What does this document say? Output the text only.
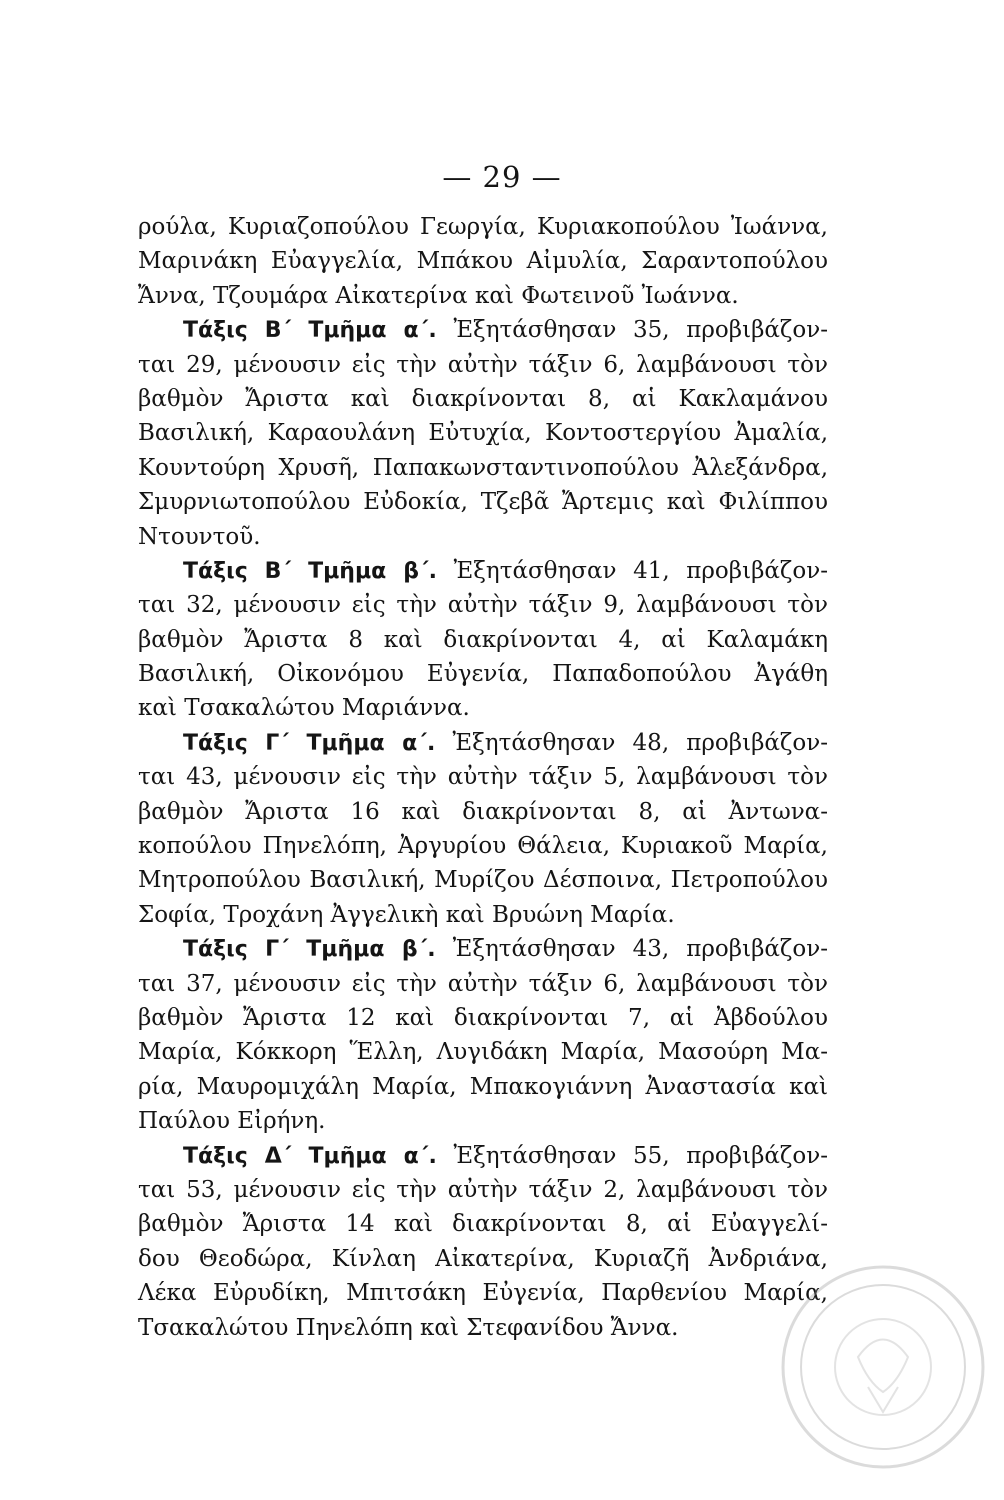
— 29 —
ρούλα, Κυριαζοπούλου Γεωργία, Κυριακοπούλου Ἰωάννα,
Μαρινάκη Εὐαγγελία, Μπάκου Αἰμυλία, Σαραντοπούλου
Ἄννα, Τζουμάρα Αἰκατερίνα καὶ Φωτεινοῦ Ἰωάννα.
Τάξις Β΄ Τμῆμα α΄. Ἐξητάσθησαν 35, προβιβάζον-
ται 29, μένουσιν εἰς τὴν αὐτὴν τάξιν 6, λαμβάνουσι τὸν
βαθμὸν Ἄριστα καὶ διακρίνονται 8, αἱ Κακλαμάνου
Βασιλική, Καραουλάνη Εὐτυχία, Κοντοστεργίου Ἀμαλία,
Κουντούρη Χρυσῆ, Παπακωνσταντινοπούλου Ἀλεξάνδρα,
Σμυρνιωτοπούλου Εὐδοκία, Τζεβᾶ Ἄρτεμις καὶ Φιλίππου
Ντουντοῦ.
Τάξις Β΄ Τμῆμα β΄. Ἐξητάσθησαν 41, προβιβάζον-
ται 32, μένουσιν εἰς τὴν αὐτὴν τάξιν 9, λαμβάνουσι τὸν
βαθμὸν Ἄριστα 8 καὶ διακρίνονται 4, αἱ Καλαμάκη
Βασιλική, Οἰκονόμου Εὐγενία, Παπαδοπούλου Ἀγάθη
καὶ Τσακαλώτου Μαριάννα.
Τάξις Γ΄ Τμῆμα α΄. Ἐξητάσθησαν 48, προβιβάζον-
ται 43, μένουσιν εἰς τὴν αὐτὴν τάξιν 5, λαμβάνουσι τὸν
βαθμὸν Ἄριστα 16 καὶ διακρίνονται 8, αἱ Ἀντωνα-
κοπούλου Πηνελόπη, Ἀργυρίου Θάλεια, Κυριακοῦ Μαρία,
Μητροπούλου Βασιλική, Μυρίζου Δέσποινα, Πετροπούλου
Σοφία, Τροχάνη Ἀγγελικὴ καὶ Βρυώνη Μαρία.
Τάξις Γ΄ Τμῆμα β΄. Ἐξητάσθησαν 43, προβιβάζον-
ται 37, μένουσιν εἰς τὴν αὐτὴν τάξιν 6, λαμβάνουσι τὸν
βαθμὸν Ἄριστα 12 καὶ διακρίνονται 7, αἱ Ἀβδούλου
Μαρία, Κόκκορη Ἕλλη, Λυγιδάκη Μαρία, Μασούρη Μα-
ρία, Μαυρομιχάλη Μαρία, Μπακογιάννη Ἀναστασία καὶ
Παύλου Εἰρήνη.
Τάξις Δ΄ Τμῆμα α΄. Ἐξητάσθησαν 55, προβιβάζον-
ται 53, μένουσιν εἰς τὴν αὐτὴν τάξιν 2, λαμβάνουσι τὸν
βαθμὸν Ἄριστα 14 καὶ διακρίνονται 8, αἱ Εὐαγγελί-
δου Θεοδώρα, Κίνλαη Αἰκατερίνα, Κυριαζῆ Ἀνδριάνα,
Λέκα Εὐρυδίκη, Μπιτσάκη Εὐγενία, Παρθενίου Μαρία,
Τσακαλώτου Πηνελόπη καὶ Στεφανίδου Ἄννα.
